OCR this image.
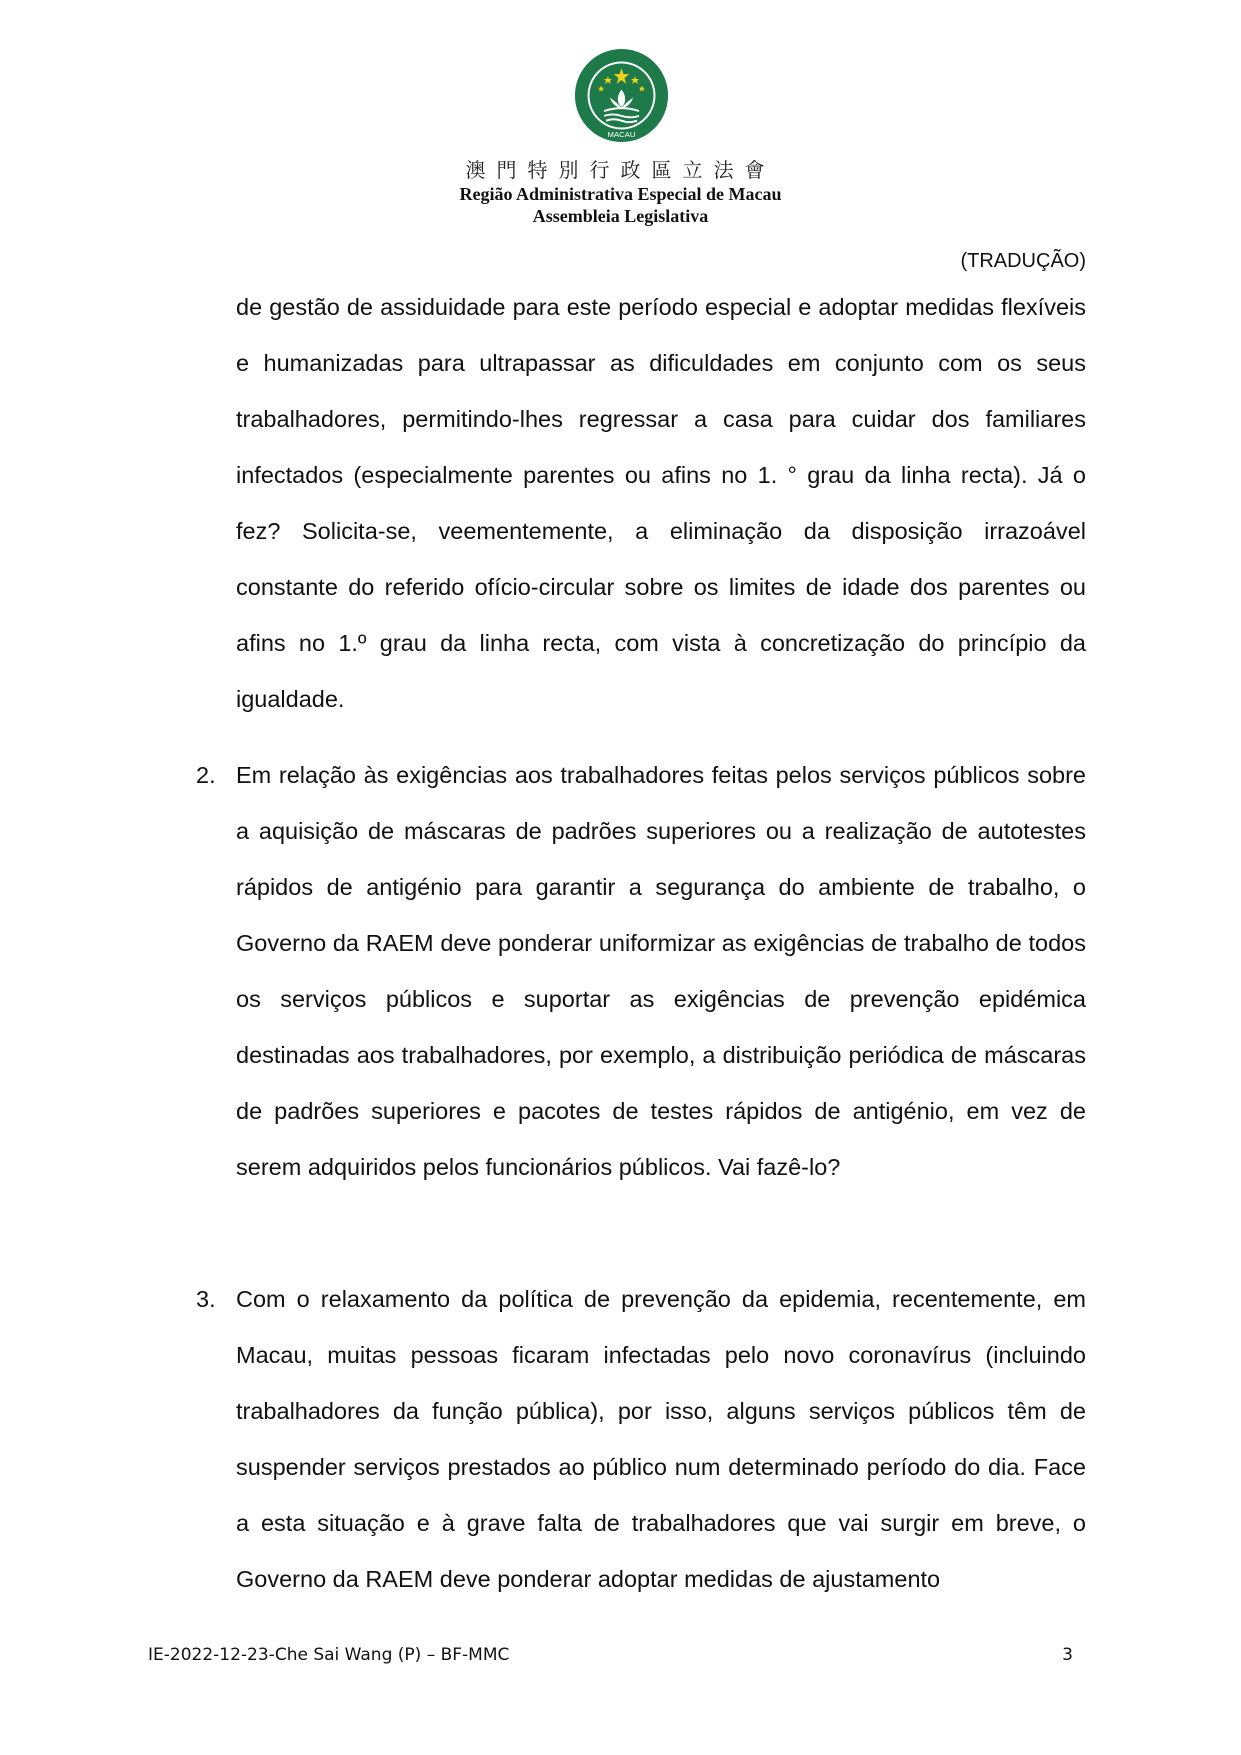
MACAU
澳門特別行政區立法會
Região Administrativa Especial de Macau
Assembleia Legislativa
(TRADUÇÃO)

de gestão de assiduidade para este período especial e adoptar medidas flexíveis e humanizadas para ultrapassar as dificuldades em conjunto com os seus trabalhadores, permitindo-lhes regressar a casa para cuidar dos familiares infectados (especialmente parentes ou afins no 1. ° grau da linha recta). Já o fez? Solicita-se, veementemente, a eliminação da disposição irrazoável constante do referido ofício-circular sobre os limites de idade dos parentes ou afins no 1.º grau da linha recta, com vista à concretização do princípio da igualdade.

2. Em relação às exigências aos trabalhadores feitas pelos serviços públicos sobre a aquisição de máscaras de padrões superiores ou a realização de autotestes rápidos de antigénio para garantir a segurança do ambiente de trabalho, o Governo da RAEM deve ponderar uniformizar as exigências de trabalho de todos os serviços públicos e suportar as exigências de prevenção epidémica destinadas aos trabalhadores, por exemplo, a distribuição periódica de máscaras de padrões superiores e pacotes de testes rápidos de antigénio, em vez de serem adquiridos pelos funcionários públicos. Vai fazê-lo?

3. Com o relaxamento da política de prevenção da epidemia, recentemente, em Macau, muitas pessoas ficaram infectadas pelo novo coronavírus (incluindo trabalhadores da função pública), por isso, alguns serviços públicos têm de suspender serviços prestados ao público num determinado período do dia. Face a esta situação e à grave falta de trabalhadores que vai surgir em breve, o Governo da RAEM deve ponderar adoptar medidas de ajustamento

IE-2022-12-23-Che Sai Wang (P) – BF-MMC	3
